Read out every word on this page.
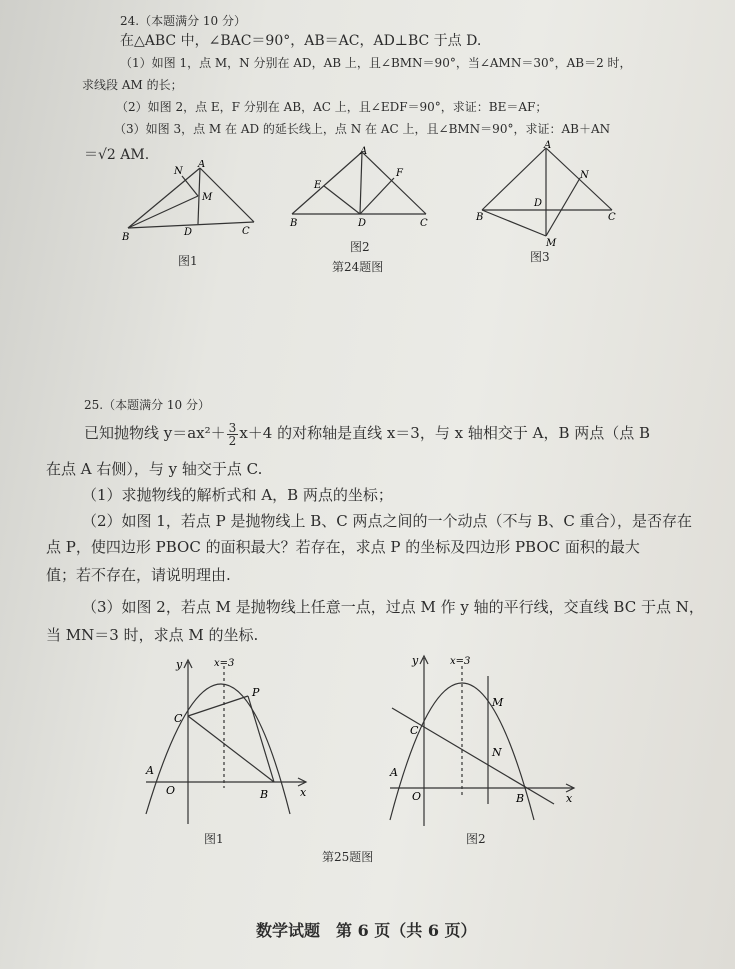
24.（本题满分 10 分）
在△ABC 中，∠BAC＝90°，AB＝AC，AD⊥BC 于点 D.
（1）如图 1，点 M，N 分别在 AD，AB 上，且∠BMN＝90°，当∠AMN＝30°，AB＝2 时，
求线段 AM 的长；
（2）如图 2，点 E，F 分别在 AB，AC 上，且∠EDF＝90°，求证：BE＝AF；
（3）如图 3，点 M 在 AD 的延长线上，点 N 在 AC 上，且∠BMN＝90°，求证：AB＋AN
＝√2 AM.
N
A
M
B	D	C
图1
A
E
F
B	D	C
图2
第24题图
A
N
D
B	C
M
图3
25.（本题满分 10 分）
已知抛物线 $y=ax^2+ \frac{3}{2} x+4$ 的对称轴是直线 x＝3，与 x 轴相交于 A，B 两点（点 B
在点 A 右侧），与 y 轴交于点 C.
（1）求抛物线的解析式和 A，B 两点的坐标；
（2）如图 1，若点 P 是抛物线上 B、C 两点之间的一个动点（不与 B、C 重合），是否存在
点 P，使四边形 PBOC 的面积最大？若存在，求点 P 的坐标及四边形 PBOC 面积的最大
值；若不存在，请说明理由.
（3）如图 2，若点 M 是抛物线上任意一点，过点 M 作 y 轴的平行线，交直线 BC 于点 N，
当 MN＝3 时，求点 M 的坐标.
y	x=3
C
P
A
O	B	x
图1
y	x=3
C
M
N
A
O	B	x
图2
第25题图
数学试题　第 6 页（共 6 页）
